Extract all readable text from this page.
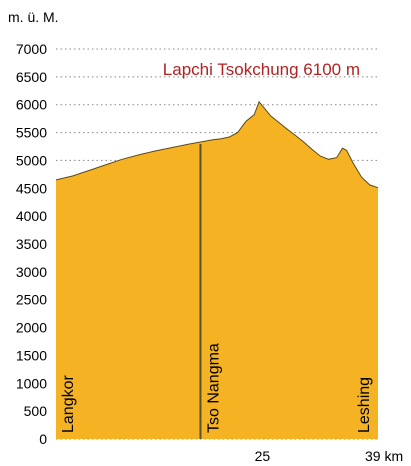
m. ü. M.
0
500
1000
1500
2000
2500
3000
3500
4000
4500
5000
5500
6000
6500
7000
25	39 km
Langkor	Tso Nangma	Leshing
Lapchi Tsokchung 6100 m
